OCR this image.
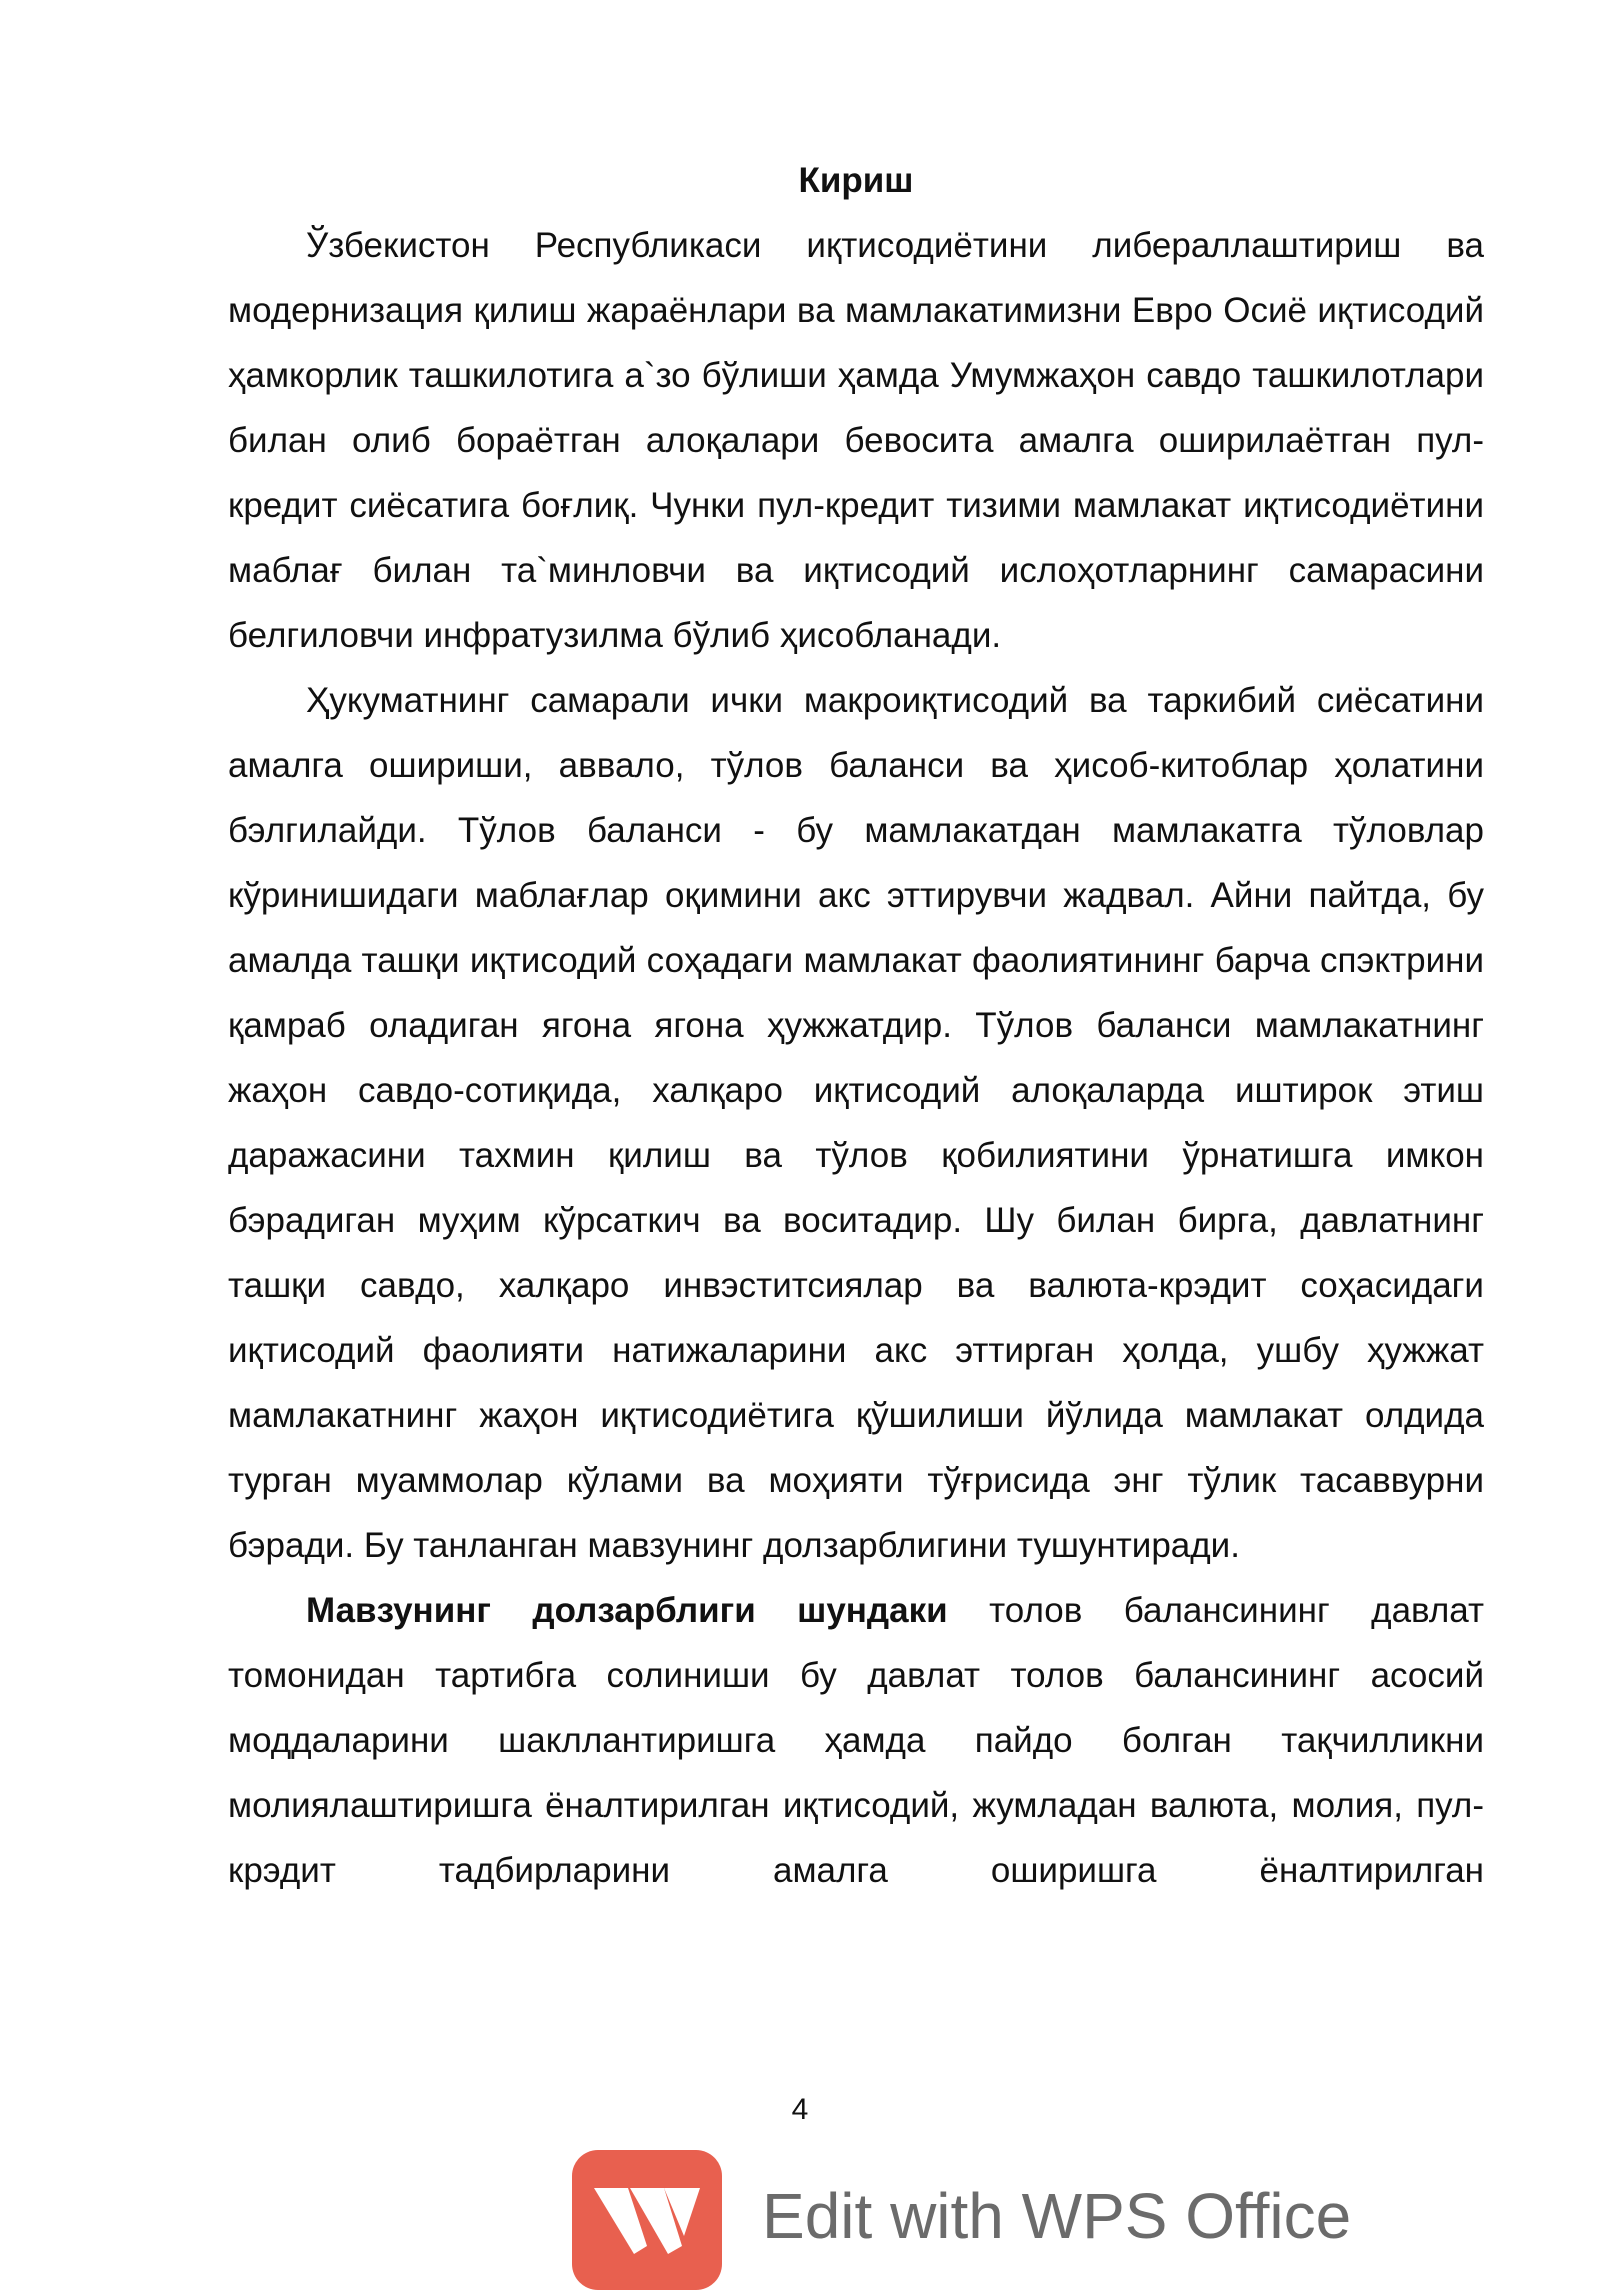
Кириш

Ўзбекистон Республикаси иқтисодиётини либераллаштириш ва модернизация қилиш жараёнлари ва мамлакатимизни Евро Осиё иқтисодий ҳамкорлик ташкилотига а`зо бўлиши ҳамда Умумжаҳон савдо ташкилотлари билан олиб бораётган алоқалари бевосита амалга оширилаётган пул-кредит сиёсатига боғлиқ. Чунки пул-кредит тизими мамлакат иқтисодиётини маблағ билан та`минловчи ва иқтисодий ислоҳотларнинг самарасини белгиловчи инфратузилма бўлиб ҳисобланади.

Ҳукуматнинг самарали ички макроиқтисодий ва таркибий сиёсатини амалга ошириши, аввало, тўлов баланси ва ҳисоб-китоблар ҳолатини бэлгилайди. Тўлов баланси - бу мамлакатдан мамлакатга тўловлар кўринишидаги маблағлар оқимини акс эттирувчи жадвал. Айни пайтда, бу амалда ташқи иқтисодий соҳадаги мамлакат фаолиятининг барча спэктрини қамраб оладиган ягона ягона ҳужжатдир. Тўлов баланси мамлакатнинг жаҳон савдо-сотиқида, халқаро иқтисодий алоқаларда иштирок этиш даражасини тахмин қилиш ва тўлов қобилиятини ўрнатишга имкон бэрадиган муҳим кўрсаткич ва воситадир. Шу билан бирга, давлатнинг ташқи савдо, халқаро инвэститсиялар ва валюта-крэдит соҳасидаги иқтисодий фаолияти натижаларини акс эттирган ҳолда, ушбу ҳужжат мамлакатнинг жаҳон иқтисодиётига қўшилиши йўлида мамлакат олдида турган муаммолар кўлами ва моҳияти тўғрисида энг тўлик тасаввурни бэради. Бу танланган мавзунинг долзарблигини тушунтиради.

Мавзунинг долзарблиги шундаки толов балансининг давлат томонидан тартибга солиниши бу давлат толов балансининг асосий моддаларини шакллантиришга ҳамда пайдо болган тақчилликни молиялаштиришга ёналтирилган иқтисодий, жумладан валюта, молия, пул-крэдит тадбирларини амалга оширишга ёналтирилган

4
Edit with WPS Office
